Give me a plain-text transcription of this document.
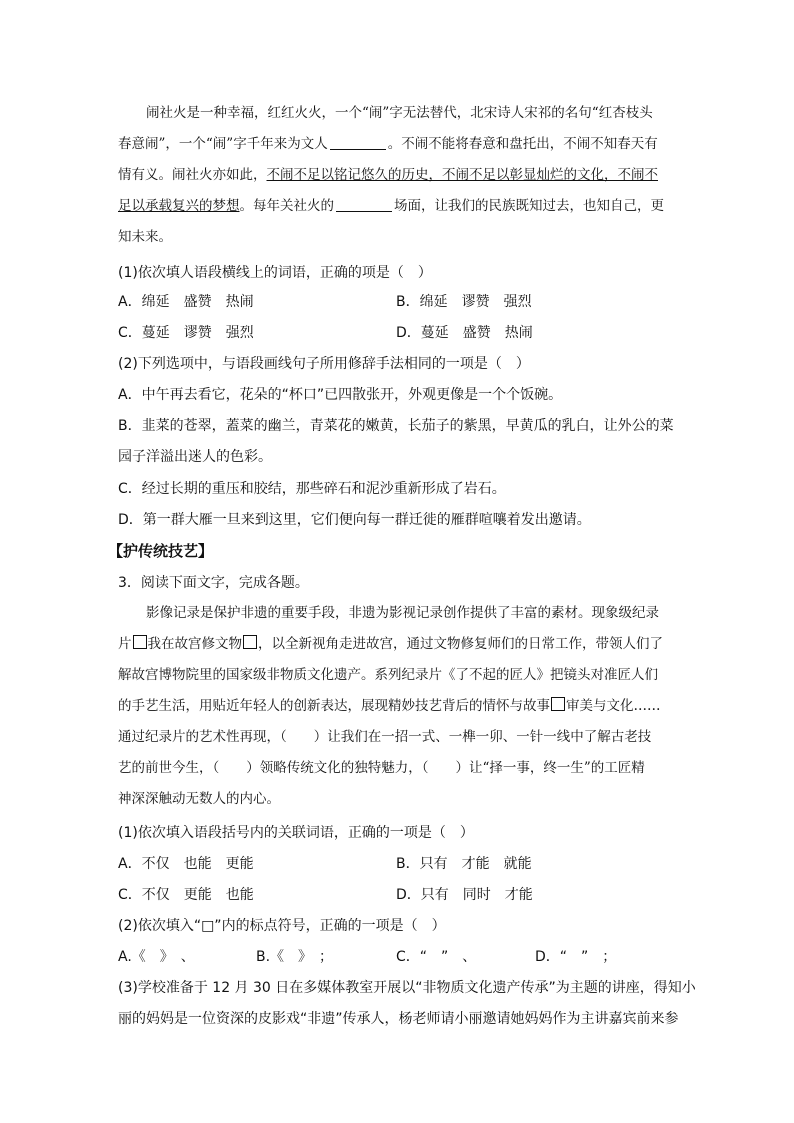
闹社火是一种幸福，红红火火，一个“闹”字无法替代，北宋诗人宋祁的名句“红杏枝头

春意闹”，一个“闹”字千年来为文人	。不闹不能将春意和盘托出，不闹不知春天有

情有义。闹社火亦如此，不闹不足以铭记悠久的历史，不闹不足以彰显灿烂的文化，不闹不

足以承载复兴的梦想。每年关社火的	场面，让我们的民族既知过去，也知自己，更

知未来。

(1)依次填人语段横线上的词语，正确的项是（　）
A．绵延　盛赞　热闹	B．绵延　谬赞　强烈
C．蔓延　谬赞　强烈	D．蔓延　盛赞　热闹
(2)下列选项中，与语段画线句子所用修辞手法相同的一项是（　）
A．中午再去看它，花朵的“杯口”已四散张开，外观更像是一个个饭碗。
B．韭菜的苍翠，蓋菜的幽兰，青菜花的嫩黄，长茄子的紫黑，早黄瓜的乳白，让外公的菜
园子洋溢出迷人的色彩。
C．经过长期的重压和胶结，那些碎石和泥沙重新形成了岩石。
D．第一群大雁一旦来到这里，它们便向每一群迁徙的雁群喧嚷着发出邀请。
【护传统技艺】
3．阅读下面文字，完成各题。

影像记录是保护非遗的重要手段，非遗为影视记录创作提供了丰富的素材。现象级纪录

片 我在故宫修文物 ，以全新视角走进故宫，通过文物修复师们的日常工作，带领人们了

解故宫博物院里的国家级非物质文化遗产。系列纪录片《了不起的匠人》把镜头对准匠人们

的手艺生活，用贴近年轻人的创新表达，展现精妙技艺背后的情怀与故事 审美与文化……

通过纪录片的艺术性再现，（　　）让我们在一招一式、一榫一卯、一针一线中了解古老技

艺的前世今生，（　　）领略传统文化的独特魅力，（　　）让“择一事，终一生”的工匠精

神深深触动无数人的内心。

(1)依次填入语段括号内的关联词语，正确的一项是（　）
A．不仅　也能　更能	B．只有　才能　就能
C．不仅　更能　也能	D．只有　同时　才能
(2)依次填入“□”内的标点符号，正确的一项是（　）
A.《　》　、	B.《　》　；	C．“　”　、	D．“　”　；
(3)学校准备于 12 月 30 日在多媒体教室开展以“非物质文化遗产传承”为主题的讲座，得知小
丽的妈妈是一位资深的皮影戏“非遗”传承人，杨老师请小丽邀请她妈妈作为主讲嘉宾前来参
